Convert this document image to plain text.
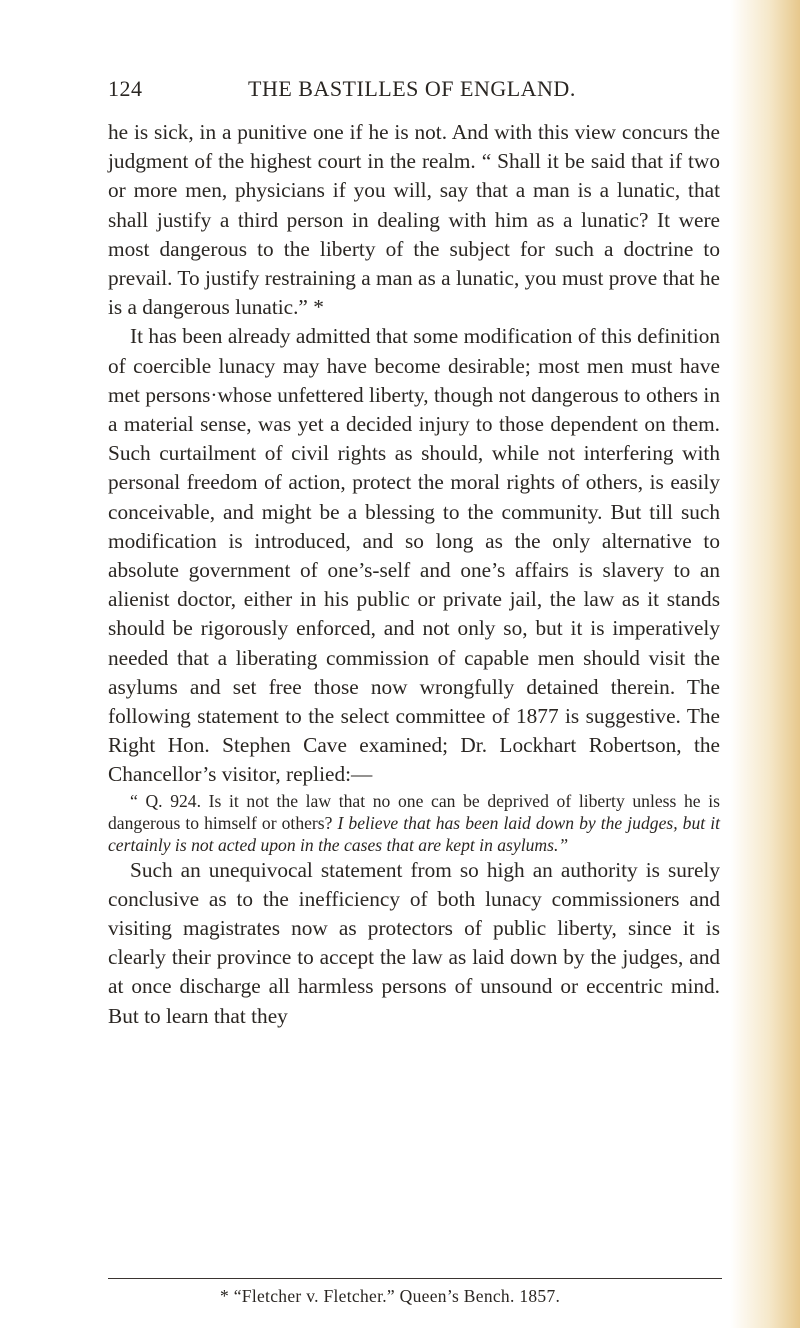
124	THE BASTILLES OF ENGLAND.

he is sick, in a punitive one if he is not. And with this view concurs the judgment of the highest court in the realm. “ Shall it be said that if two or more men, physicians if you will, say that a man is a lunatic, that shall justify a third person in dealing with him as a lunatic? It were most dangerous to the liberty of the subject for such a doctrine to prevail. To justify restraining a man as a lunatic, you must prove that he is a dangerous lunatic.” *

It has been already admitted that some modification of this definition of coercible lunacy may have become desirable; most men must have met persons·whose unfettered liberty, though not dangerous to others in a material sense, was yet a decided injury to those dependent on them. Such curtailment of civil rights as should, while not interfering with personal freedom of action, protect the moral rights of others, is easily conceivable, and might be a blessing to the community. But till such modification is introduced, and so long as the only alternative to absolute government of one’s-self and one’s affairs is slavery to an alienist doctor, either in his public or private jail, the law as it stands should be rigorously enforced, and not only so, but it is imperatively needed that a liberating commission of capable men should visit the asylums and set free those now wrongfully detained therein. The following statement to the select committee of 1877 is suggestive. The Right Hon. Stephen Cave examined; Dr. Lockhart Robertson, the Chancellor’s visitor, replied:—

“ Q. 924. Is it not the law that no one can be deprived of liberty unless he is dangerous to himself or others? I believe that has been laid down by the judges, but it certainly is not acted upon in the cases that are kept in asylums.”

Such an unequivocal statement from so high an authority is surely conclusive as to the inefficiency of both lunacy commissioners and visiting magistrates now as protectors of public liberty, since it is clearly their province to accept the law as laid down by the judges, and at once discharge all harmless persons of unsound or eccentric mind. But to learn that they

* “Fletcher v. Fletcher.” Queen’s Bench. 1857.
